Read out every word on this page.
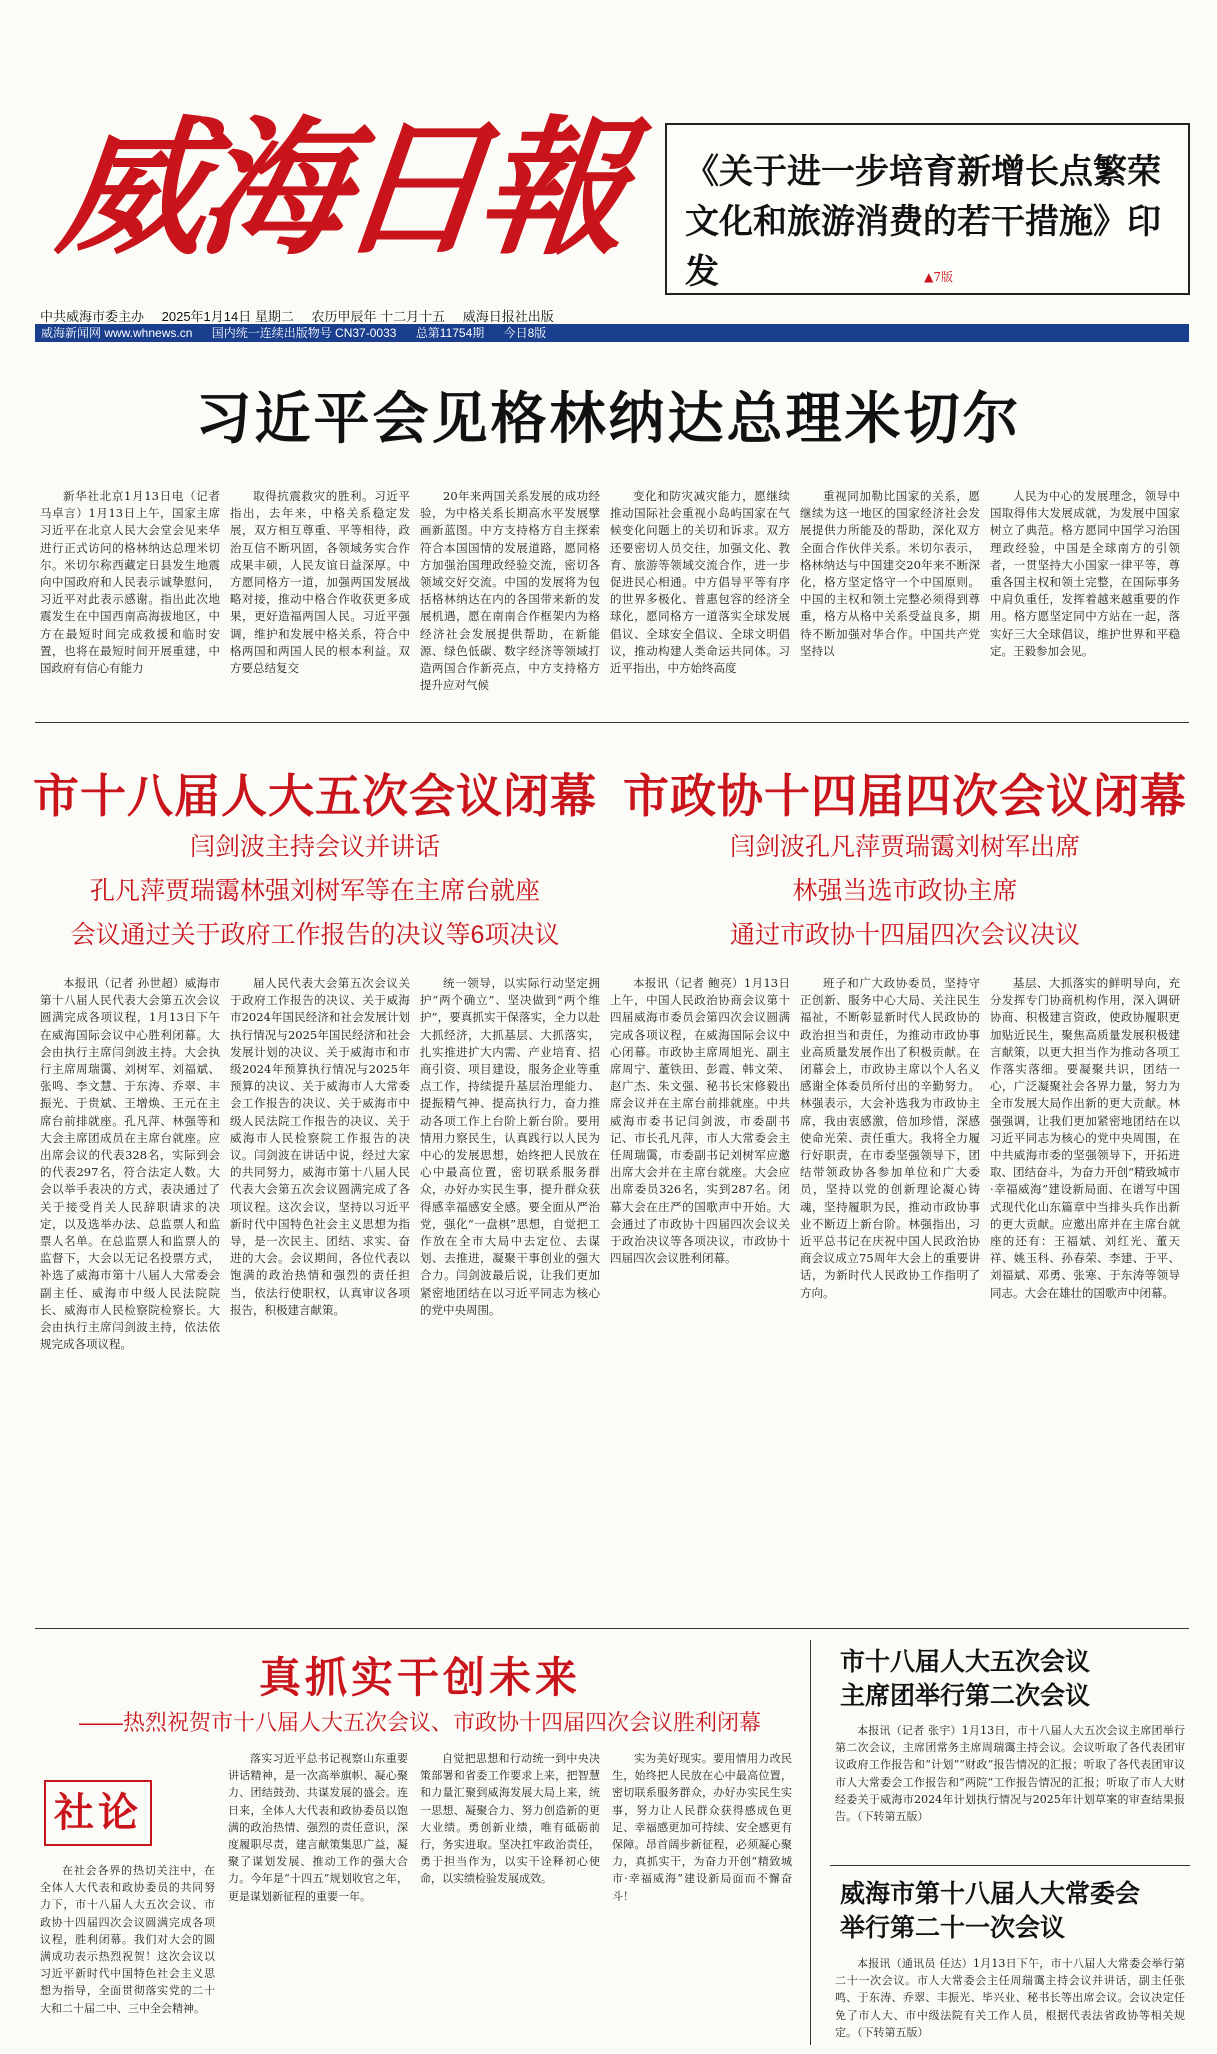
威海日報	《关于进一步培育新增长点繁荣文化和旅游消费的若干措施》印发	▲7版
中共威海市委主办 2025年1月14日 星期二 农历甲辰年 十二月十五 威海日报社出版
威海新闻网 www.whnews.cn 国内统一连续出版物号 CN37-0033 总第11754期 今日8版
习近平会见格林纳达总理米切尔

新华社北京1月13日电（记者 马卓言）1月13日上午，国家主席习近平在北京人民大会堂会见来华进行正式访问的格林纳达总理米切尔。米切尔称西藏定日县发生地震向中国政府和人民表示诚挚慰问，习近平对此表示感谢。指出此次地震发生在中国西南高海拔地区，中方在最短时间完成救援和临时安置，也将在最短时间开展重建，中国政府有信心有能力

取得抗震救灾的胜利。习近平指出，去年来，中格关系稳定发展，双方相互尊重、平等相待，政治互信不断巩固，各领域务实合作成果丰硕，人民友谊日益深厚。中方愿同格方一道，加强两国发展战略对接，推动中格合作收获更多成果，更好造福两国人民。习近平强调，维护和发展中格关系，符合中格两国和两国人民的根本利益。双方要总结复交

20年来两国关系发展的成功经验，为中格关系长期高水平发展擘画新蓝图。中方支持格方自主探索符合本国国情的发展道路，愿同格方加强治国理政经验交流，密切各领域交好交流。中国的发展将为包括格林纳达在内的各国带来新的发展机遇，愿在南南合作框架内为格经济社会发展提供帮助，在新能源、绿色低碳、数字经济等领域打造两国合作新亮点，中方支持格方提升应对气候

变化和防灾减灾能力，愿继续推动国际社会重视小岛屿国家在气候变化问题上的关切和诉求。双方还要密切人员交往，加强文化、教育、旅游等领域交流合作，进一步促进民心相通。中方倡导平等有序的世界多极化、普惠包容的经济全球化，愿同格方一道落实全球发展倡议、全球安全倡议、全球文明倡议，推动构建人类命运共同体。习近平指出，中方始终高度

重视同加勒比国家的关系，愿继续为这一地区的国家经济社会发展提供力所能及的帮助，深化双方全面合作伙伴关系。米切尔表示，格林纳达与中国建交20年来不断深化，格方坚定恪守一个中国原则。中国的主权和领土完整必须得到尊重，格方从格中关系受益良多，期待不断加强对华合作。中国共产党坚持以

人民为中心的发展理念，领导中国取得伟大发展成就，为发展中国家树立了典范。格方愿同中国学习治国理政经验，中国是全球南方的引领者，一贯坚持大小国家一律平等，尊重各国主权和领土完整，在国际事务中肩负重任，发挥着越来越重要的作用。格方愿坚定同中方站在一起，落实好三大全球倡议，维护世界和平稳定。王毅参加会见。

市十八届人大五次会议闭幕
闫剑波主持会议并讲话
孔凡萍贾瑞霭林强刘树军等在主席台就座
会议通过关于政府工作报告的决议等6项决议
市政协十四届四次会议闭幕
闫剑波孔凡萍贾瑞霭刘树军出席
林强当选市政协主席
通过市政协十四届四次会议决议

本报讯（记者 孙世超）威海市第十八届人民代表大会第五次会议圆满完成各项议程，1月13日下午在威海国际会议中心胜利闭幕。大会由执行主席闫剑波主持。大会执行主席周瑞霭、刘树军、刘福斌、张鸣、李文慧、于东涛、乔翠、丰振光、于贵斌、王增焕、王元在主席台前排就座。孔凡萍、林强等和大会主席团成员在主席台就座。应出席会议的代表328名，实际到会的代表297名，符合法定人数。大会以举手表决的方式，表决通过了关于接受肖关人民辞职请求的决定，以及选举办法、总监票人和监票人名单。在总监票人和监票人的监督下，大会以无记名投票方式，补选了威海市第十八届人大常委会副主任、威海市中级人民法院院长、威海市人民检察院检察长。大会由执行主席闫剑波主持，依法依规完成各项议程。

届人民代表大会第五次会议关于政府工作报告的决议、关于威海市2024年国民经济和社会发展计划执行情况与2025年国民经济和社会发展计划的决议、关于威海市和市级2024年预算执行情况与2025年预算的决议、关于威海市人大常委会工作报告的决议、关于威海市中级人民法院工作报告的决议、关于威海市人民检察院工作报告的决议。闫剑波在讲话中说，经过大家的共同努力，威海市第十八届人民代表大会第五次会议圆满完成了各项议程。这次会议，坚持以习近平新时代中国特色社会主义思想为指导，是一次民主、团结、求实、奋进的大会。会议期间，各位代表以饱满的政治热情和强烈的责任担当，依法行使职权，认真审议各项报告，积极建言献策。

统一领导，以实际行动坚定拥护“两个确立”、坚决做到“两个维护”，要真抓实干保落实，全力以赴大抓经济，大抓基层、大抓落实，扎实推进扩大内需、产业培育、招商引资、项目建设，服务企业等重点工作，持续提升基层治理能力、提振精气神、提高执行力，奋力推动各项工作上台阶上新台阶。要用情用力察民生，认真践行以人民为中心的发展思想，始终把人民放在心中最高位置，密切联系服务群众，办好办实民生事，提升群众获得感幸福感安全感。要全面从严治党，强化“一盘棋”思想，自觉把工作放在全市大局中去定位、去谋划、去推进，凝聚干事创业的强大合力。闫剑波最后说，让我们更加紧密地团结在以习近平同志为核心的党中央周围。

本报讯（记者 鲍亮）1月13日上午，中国人民政治协商会议第十四届威海市委员会第四次会议圆满完成各项议程，在威海国际会议中心闭幕。市政协主席周旭光、副主席周宁、董铁田、彭霞、韩文荣、赵广杰、朱文强、秘书长宋修毅出席会议并在主席台前排就座。中共威海市委书记闫剑波，市委副书记、市长孔凡萍，市人大常委会主任周瑞霭，市委副书记刘树军应邀出席大会并在主席台就座。大会应出席委员326名，实到287名。闭幕大会在庄严的国歌声中开始。大会通过了市政协十四届四次会议关于政治决议等各项决议，市政协十四届四次会议胜利闭幕。

班子和广大政协委员，坚持守正创新、服务中心大局、关注民生福祉，不断彰显新时代人民政协的政治担当和责任，为推动市政协事业高质量发展作出了积极贡献。在闭幕会上，市政协主席以个人名义感谢全体委员所付出的辛勤努力。林强表示，大会补选我为市政协主席，我由衷感激，倍加珍惜，深感使命光荣、责任重大。我将全力履行好职责，在市委坚强领导下，团结带领政协各参加单位和广大委员，坚持以党的创新理论凝心铸魂，坚持履职为民，推动市政协事业不断迈上新台阶。林强指出，习近平总书记在庆祝中国人民政治协商会议成立75周年大会上的重要讲话，为新时代人民政协工作指明了方向。

基层、大抓落实的鲜明导向，充分发挥专门协商机构作用，深入调研协商、积极建言资政，使政协履职更加贴近民生，聚焦高质量发展积极建言献策，以更大担当作为推动各项工作落实落细。要凝聚共识，团结一心，广泛凝聚社会各界力量，努力为全市发展大局作出新的更大贡献。林强强调，让我们更加紧密地团结在以习近平同志为核心的党中央周围，在中共威海市委的坚强领导下，开拓进取、团结奋斗，为奋力开创“精致城市·幸福威海”建设新局面、在谱写中国式现代化山东篇章中当排头兵作出新的更大贡献。应邀出席并在主席台就座的还有：王福斌、刘红光、董天祥、姚玉科、孙春荣、李建、于平、刘福斌、邓勇、张寒、于东涛等领导同志。大会在雄壮的国歌声中闭幕。

真抓实干创未来
——热烈祝贺市十八届人大五次会议、市政协十四届四次会议胜利闭幕
社论

在社会各界的热切关注中，在全体人大代表和政协委员的共同努力下，市十八届人大五次会议、市政协十四届四次会议圆满完成各项议程，胜利闭幕。我们对大会的圆满成功表示热烈祝贺！这次会议以习近平新时代中国特色社会主义思想为指导，全面贯彻落实党的二十大和二十届二中、三中全会精神。

落实习近平总书记视察山东重要讲话精神，是一次高举旗帜、凝心聚力、团结鼓劲、共谋发展的盛会。连日来，全体人大代表和政协委员以饱满的政治热情、强烈的责任意识，深度履职尽责，建言献策集思广益，凝聚了谋划发展、推动工作的强大合力。今年是“十四五”规划收官之年，更是谋划新征程的重要一年。

自觉把思想和行动统一到中央决策部署和省委工作要求上来，把智慧和力量汇聚到威海发展大局上来，统一思想、凝聚合力、努力创造新的更大业绩。勇创新业绩，唯有砥砺前行，务实进取。坚决扛牢政治责任，勇于担当作为，以实干诠释初心使命，以实绩检验发展成效。

实为美好现实。要用情用力改民生，始终把人民放在心中最高位置，密切联系服务群众，办好办实民生实事，努力让人民群众获得感成色更足、幸福感更加可持续、安全感更有保障。昂首阔步新征程，必须凝心聚力，真抓实干，为奋力开创“精致城市·幸福威海”建设新局面而不懈奋斗！

市十八届人大五次会议
主席团举行第二次会议

本报讯（记者 张宇）1月13日，市十八届人大五次会议主席团举行第二次会议，主席团常务主席周瑞霭主持会议。会议听取了各代表团审议政府工作报告和“计划”“财政”报告情况的汇报；听取了各代表团审议市人大常委会工作报告和“两院”工作报告情况的汇报；听取了市人大财经委关于威海市2024年计划执行情况与2025年计划草案的审查结果报告。（下转第五版）

威海市第十八届人大常委会
举行第二十一次会议

本报讯（通讯员 任达）1月13日下午，市十八届人大常委会举行第二十一次会议。市人大常委会主任周瑞霭主持会议并讲话，副主任张鸣、于东涛、乔翠、丰振光、毕兴业、秘书长等出席会议。会议决定任免了市人大、市中级法院有关工作人员，根据代表法省政协等相关规定。（下转第五版）
